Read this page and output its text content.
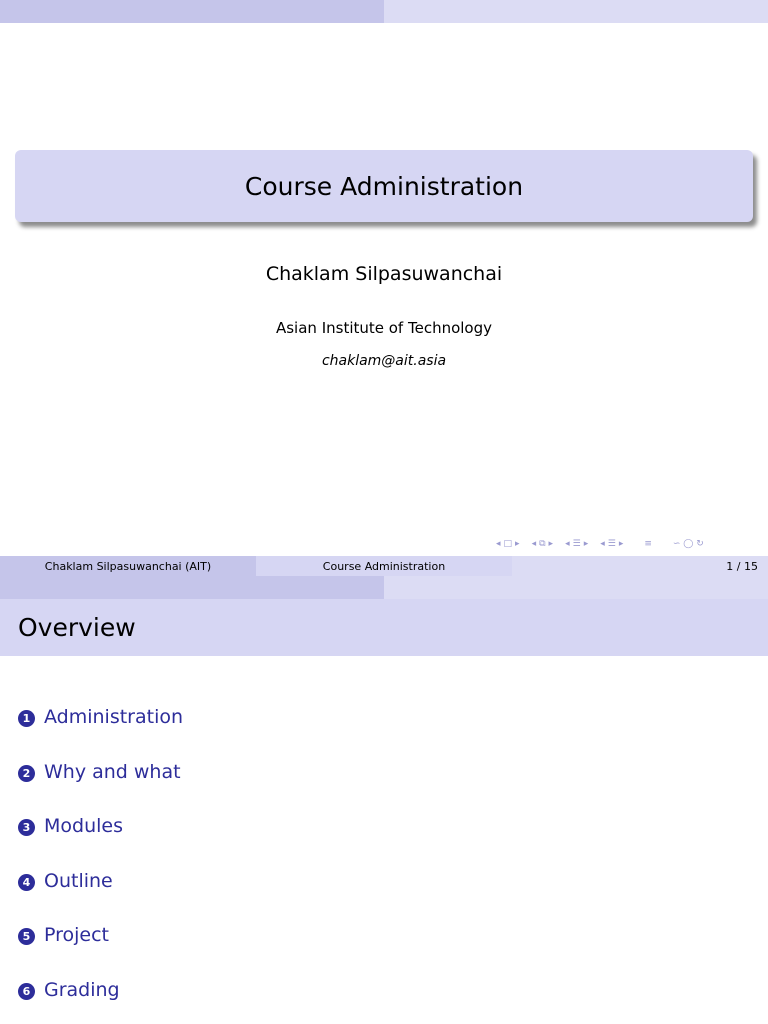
Course Administration
Chaklam Silpasuwanchai
Asian Institute of Technology
chaklam@ait.asia
◂ □ ▸ ◂ ⧉ ▸ ◂ ☰ ▸ ◂ ☰ ▸ ≡ ∽ ◯ ↻
Chaklam Silpasuwanchai (AIT)	Course Administration	1 / 15
Overview
1 Administration
2 Why and what
3 Modules
4 Outline
5 Project
6 Grading
